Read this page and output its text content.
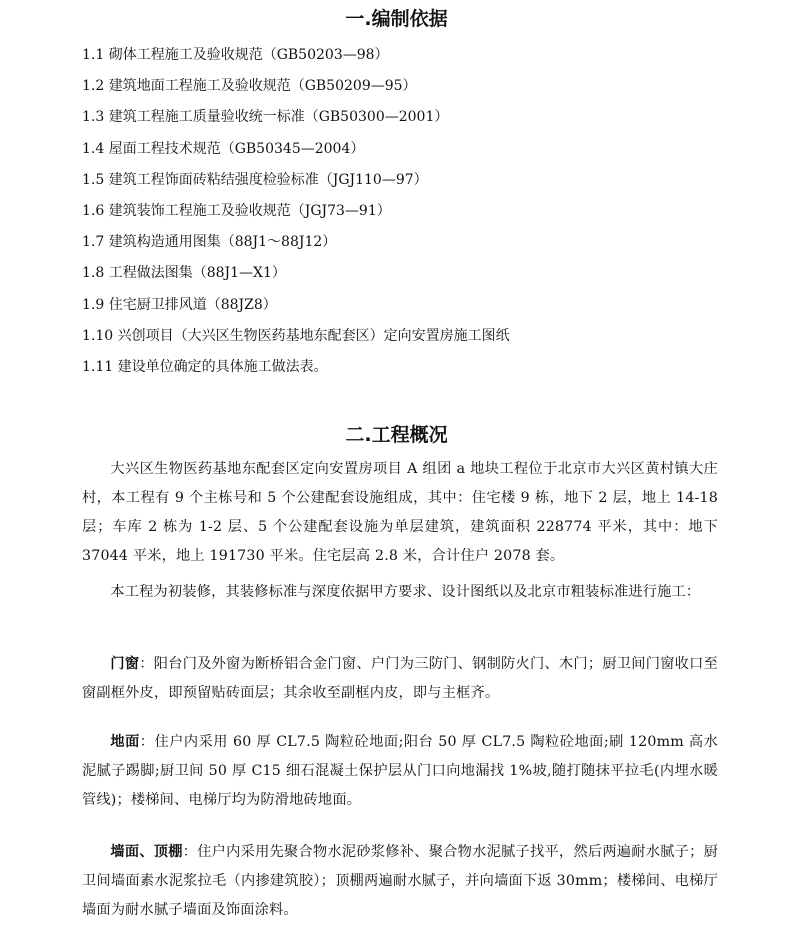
一.编制依据
1.1 砌体工程施工及验收规范（GB50203—98）
1.2 建筑地面工程施工及验收规范（GB50209—95）
1.3 建筑工程施工质量验收统一标准（GB50300—2001）
1.4 屋面工程技术规范（GB50345—2004）
1.5 建筑工程饰面砖粘结强度检验标准（JGJ110—97）
1.6 建筑装饰工程施工及验收规范（JGJ73—91）
1.7 建筑构造通用图集（88J1～88J12）
1.8 工程做法图集（88J1—X1）
1.9 住宅厨卫排风道（88JZ8）
1.10 兴创项目（大兴区生物医药基地东配套区）定向安置房施工图纸
1.11 建设单位确定的具体施工做法表。
二.工程概况

大兴区生物医药基地东配套区定向安置房项目 A 组团 a 地块工程位于北京市大兴区黄村镇大庄村，本工程有 9 个主栋号和 5 个公建配套设施组成，其中：住宅楼 9 栋，地下 2 层，地上 14-18 层；车库 2 栋为 1-2 层、5 个公建配套设施为单层建筑，建筑面积 228774 平米，其中：地下 37044 平米，地上 191730 平米。住宅层高 2.8 米，合计住户 2078 套。

本工程为初装修，其装修标准与深度依据甲方要求、设计图纸以及北京市粗装标准进行施工：

门窗：阳台门及外窗为断桥铝合金门窗、户门为三防门、钢制防火门、木门；厨卫间门窗收口至窗副框外皮，即预留贴砖面层；其余收至副框内皮，即与主框齐。

地面：住户内采用 60 厚 CL7.5 陶粒砼地面;阳台 50 厚 CL7.5 陶粒砼地面;刷 120mm 高水泥腻子踢脚;厨卫间 50 厚 C15 细石混凝土保护层从门口向地漏找 1%坡,随打随抹平拉毛(内埋水暖管线)；楼梯间、电梯厅均为防滑地砖地面。

墙面、顶棚：住户内采用先聚合物水泥砂浆修补、聚合物水泥腻子找平，然后两遍耐水腻子；厨卫间墙面素水泥浆拉毛（内掺建筑胶）；顶棚两遍耐水腻子，并向墙面下返 30mm；楼梯间、电梯厅墙面为耐水腻子墙面及饰面涂料。
